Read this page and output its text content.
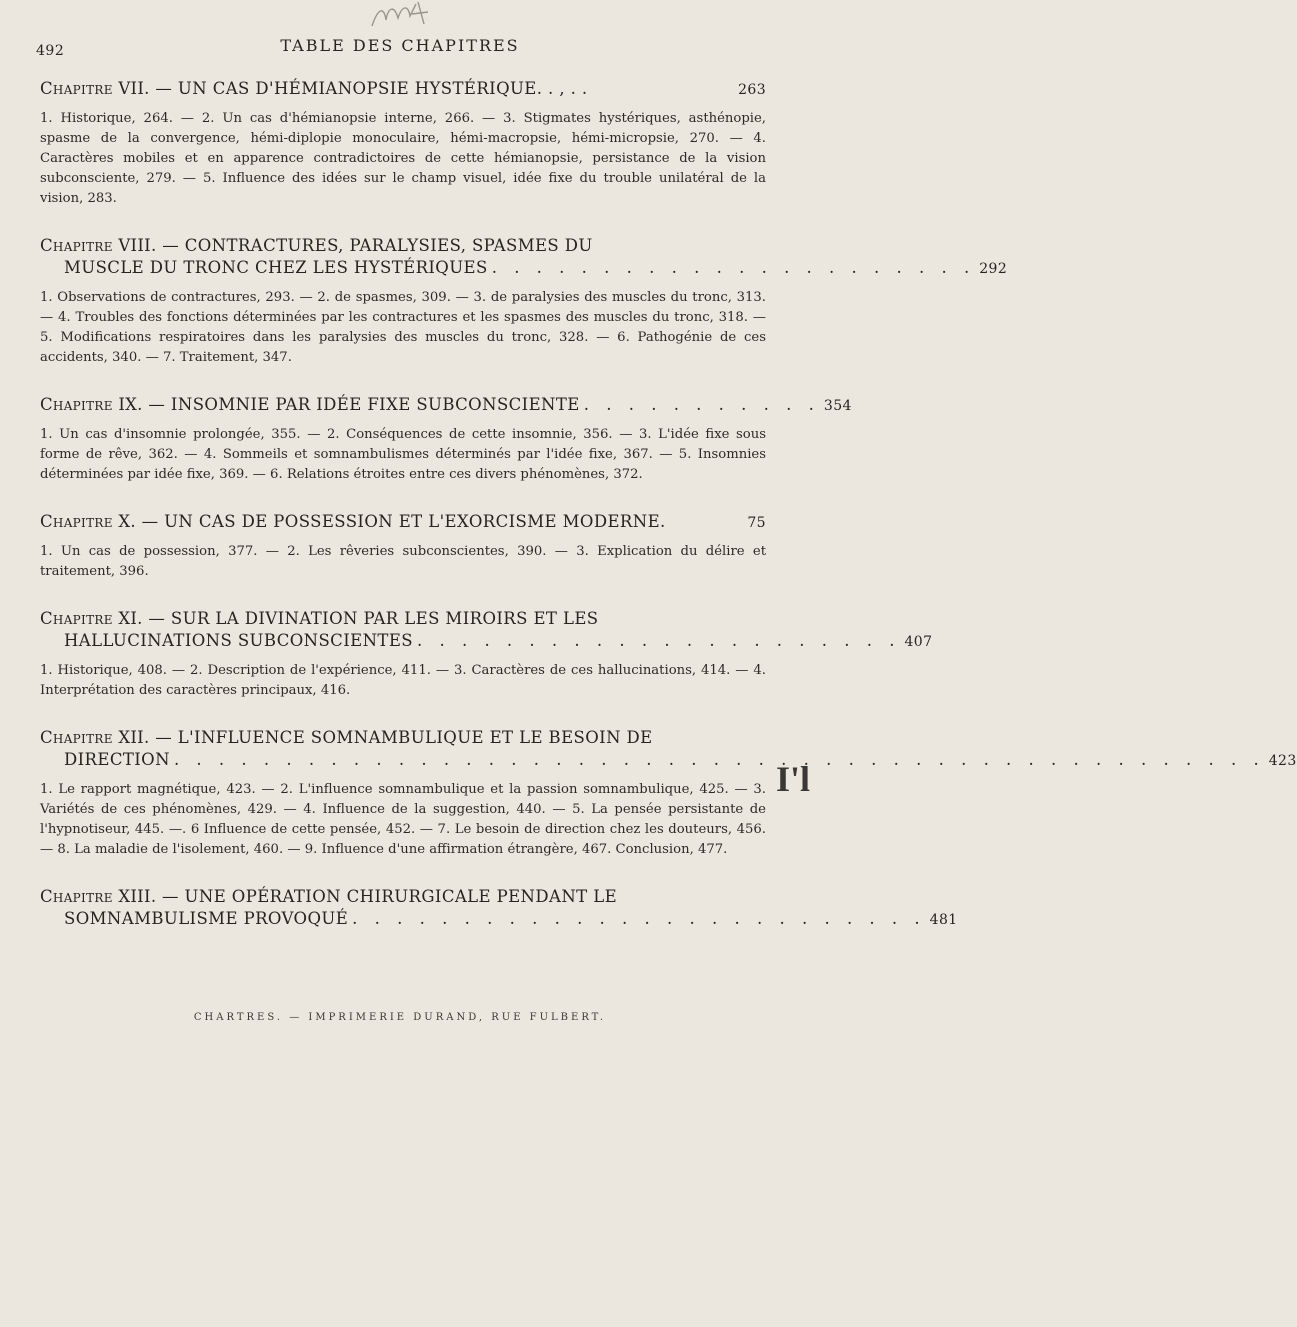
492	TABLE DES CHAPITRES
Chapitre VII. — UN CAS D'HÉMIANOPSIE HYSTÉRIQUE. . , . .	263
1. Historique, 264. — 2. Un cas d'hémianopsie interne, 266. — 3. Stigmates hystériques, asthénopie, spasme de la convergence, hémi-diplopie monoculaire, hémi-macropsie, hémi-micropsie, 270. — 4. Caractères mobiles et en apparence contradictoires de cette hémianopsie, persistance de la vision subconsciente, 279. — 5. Influence des idées sur le champ visuel, idée fixe du trouble unilatéral de la vision, 283.
Chapitre VIII. — CONTRACTURES, PARALYSIES, SPASMES DU
MUSCLE DU TRONC CHEZ LES HYSTÉRIQUES . . . . . . . . . . . . . . . . . . . . . . 292
1. Observations de contractures, 293. — 2. de spasmes, 309. — 3. de paralysies des muscles du tronc, 313. — 4. Troubles des fonctions déterminées par les contractures et les spasmes des muscles du tronc, 318. — 5. Modifications respiratoires dans les paralysies des muscles du tronc, 328. — 6. Pathogénie de ces accidents, 340. — 7. Traitement, 347.
Chapitre IX. — INSOMNIE PAR IDÉE FIXE SUBCONSCIENTE . . . . . . . . . . . 354
1. Un cas d'insomnie prolongée, 355. — 2. Conséquences de cette insomnie, 356. — 3. L'idée fixe sous forme de rêve, 362. — 4. Sommeils et somnambulismes déterminés par l'idée fixe, 367. — 5. Insomnies déterminées par idée fixe, 369. — 6. Relations étroites entre ces divers phénomènes, 372.
Chapitre X. — UN CAS DE POSSESSION ET L'EXORCISME MODERNE.	75
1. Un cas de possession, 377. — 2. Les rêveries subconscientes, 390. — 3. Explication du délire et traitement, 396.
Chapitre XI. — SUR LA DIVINATION PAR LES MIROIRS ET LES
HALLUCINATIONS SUBCONSCIENTES . . . . . . . . . . . . . . . . . . . . . . 407
1. Historique, 408. — 2. Description de l'expérience, 411. — 3. Caractères de ces hallucinations, 414. — 4. Interprétation des caractères principaux, 416.
Chapitre XII. — L'INFLUENCE SOMNAMBULIQUE ET LE BESOIN DE
DIRECTION . . . . . . . . . . . . . . . . . . . . . . . . . . . . . . . . . . . . . . . . . . . . . . . . . 423
1. Le rapport magnétique, 423. — 2. L'influence somnambulique et la passion somnambulique, 425. — 3. Variétés de ces phénomènes, 429. — 4. Influence de la suggestion, 440. — 5. La pensée persistante de l'hypnotiseur, 445. —. 6 Influence de cette pensée, 452. — 7. Le besoin de direction chez les douteurs, 456. — 8. La maladie de l'isolement, 460. — 9. Influence d'une affirmation étrangère, 467. Conclusion, 477.
Chapitre XIII. — UNE OPÉRATION CHIRURGICALE PENDANT LE
SOMNAMBULISME PROVOQUÉ . . . . . . . . . . . . . . . . . . . . . . . . . . 481
I'l
CHARTRES. — IMPRIMERIE DURAND, RUE FULBERT.
